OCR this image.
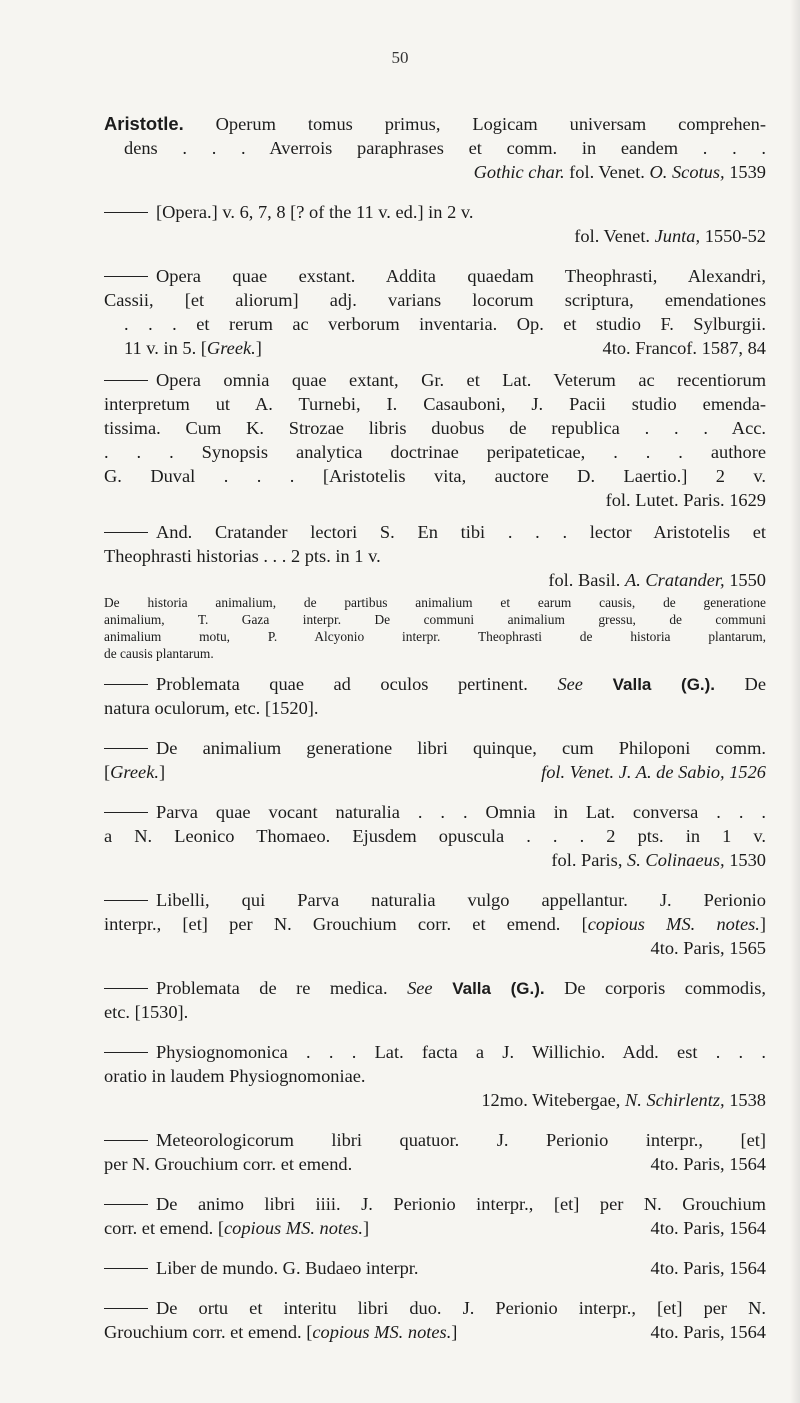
50
Aristotle. Operum tomus primus, Logicam universam comprehen-
dens . . . Averrois paraphrases et comm. in eandem . . .
Gothic char. fol. Venet. O. Scotus, 1539
[Opera.] v. 6, 7, 8 [? of the 11 v. ed.] in 2 v.
fol. Venet. Junta, 1550-52
Opera quae exstant. Addita quaedam Theophrasti, Alexandri,
Cassii, [et aliorum] adj. varians locorum scriptura, emendationes
. . . et rerum ac verborum inventaria. Op. et studio F. Sylburgii.
11 v. in 5. [Greek.]	4to. Francof. 1587, 84
Opera omnia quae extant, Gr. et Lat. Veterum ac recentiorum
interpretum ut A. Turnebi, I. Casauboni, J. Pacii studio emenda-
tissima. Cum K. Strozae libris duobus de republica . . . Acc.
. . . Synopsis analytica doctrinae peripateticae, . . . authore
G. Duval . . . [Aristotelis vita, auctore D. Laertio.] 2 v.
fol. Lutet. Paris. 1629
And. Cratander lectori S. En tibi . . . lector Aristotelis et
Theophrasti historias . . . 2 pts. in 1 v.
fol. Basil. A. Cratander, 1550
De historia animalium, de partibus animalium et earum causis, de generatione
animalium, T. Gaza interpr. De communi animalium gressu, de communi
animalium motu, P. Alcyonio interpr. Theophrasti de historia plantarum,
de causis plantarum.
Problemata quae ad oculos pertinent. See Valla (G.). De
natura oculorum, etc. [1520].
De animalium generatione libri quinque, cum Philoponi comm.
[Greek.]	fol. Venet. J. A. de Sabio, 1526
Parva quae vocant naturalia . . . Omnia in Lat. conversa . . .
a N. Leonico Thomaeo. Ejusdem opuscula . . . 2 pts. in 1 v.
fol. Paris, S. Colinaeus, 1530
Libelli, qui Parva naturalia vulgo appellantur. J. Perionio
interpr., [et] per N. Grouchium corr. et emend. [copious MS. notes.]
4to. Paris, 1565
Problemata de re medica. See Valla (G.). De corporis commodis,
etc. [1530].
Physiognomonica . . . Lat. facta a J. Willichio. Add. est . . .
oratio in laudem Physiognomoniae.
12mo. Witebergae, N. Schirlentz, 1538
Meteorologicorum libri quatuor. J. Perionio interpr., [et]
per N. Grouchium corr. et emend.	4to. Paris, 1564
De animo libri iiii. J. Perionio interpr., [et] per N. Grouchium
corr. et emend. [copious MS. notes.]	4to. Paris, 1564
Liber de mundo. G. Budaeo interpr.	4to. Paris, 1564
De ortu et interitu libri duo. J. Perionio interpr., [et] per N.
Grouchium corr. et emend. [copious MS. notes.]	4to. Paris, 1564
